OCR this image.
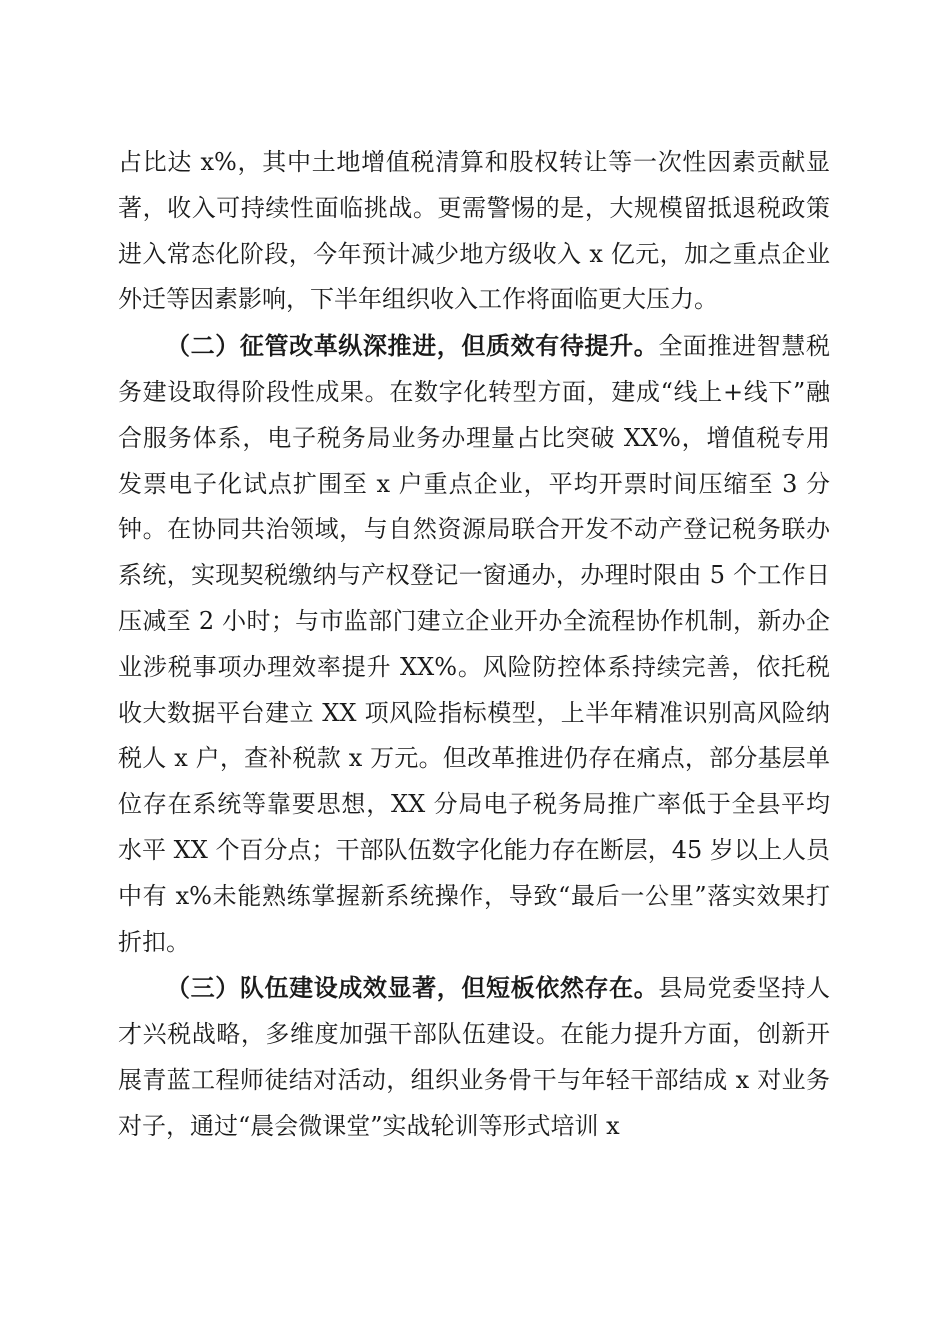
占比达 x%，其中土地增值税清算和股权转让等一次性因素贡献显著，收入可持续性面临挑战。更需警惕的是，大规模留抵退税政策进入常态化阶段，今年预计减少地方级收入 x 亿元，加之重点企业外迁等因素影响，下半年组织收入工作将面临更大压力。

（二）征管改革纵深推进，但质效有待提升。全面推进智慧税务建设取得阶段性成果。在数字化转型方面，建成“线上+线下”融合服务体系，电子税务局业务办理量占比突破 XX%，增值税专用发票电子化试点扩围至 x 户重点企业，平均开票时间压缩至 3 分钟。在协同共治领域，与自然资源局联合开发不动产登记税务联办系统，实现契税缴纳与产权登记一窗通办，办理时限由 5 个工作日压减至 2 小时；与市监部门建立企业开办全流程协作机制，新办企业涉税事项办理效率提升 XX%。风险防控体系持续完善，依托税收大数据平台建立 XX 项风险指标模型，上半年精准识别高风险纳税人 x 户，查补税款 x 万元。但改革推进仍存在痛点，部分基层单位存在系统等靠要思想，XX 分局电子税务局推广率低于全县平均水平 XX 个百分点；干部队伍数字化能力存在断层，45 岁以上人员中有 x%未能熟练掌握新系统操作，导致“最后一公里”落实效果打折扣。

（三）队伍建设成效显著，但短板依然存在。县局党委坚持人才兴税战略，多维度加强干部队伍建设。在能力提升方面，创新开展青蓝工程师徒结对活动，组织业务骨干与年轻干部结成 x 对业务对子，通过“晨会微课堂”实战轮训等形式培训 x
